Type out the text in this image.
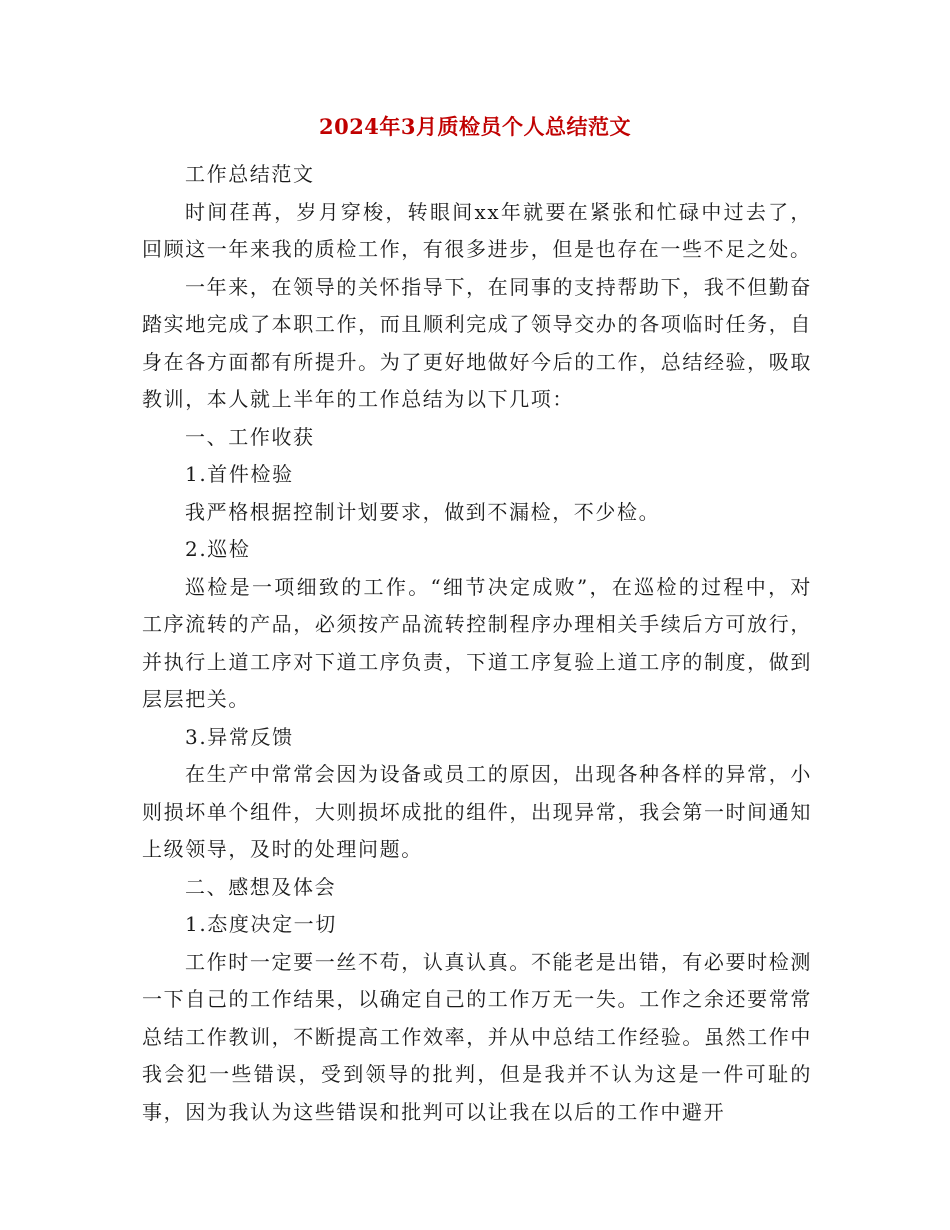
2024年3月质检员个人总结范文

工作总结范文

时间荏苒，岁月穿梭，转眼间xx年就要在紧张和忙碌中过去了，回顾这一年来我的质检工作，有很多进步，但是也存在一些不足之处。

一年来，在领导的关怀指导下，在同事的支持帮助下，我不但勤奋踏实地完成了本职工作，而且顺利完成了领导交办的各项临时任务，自身在各方面都有所提升。为了更好地做好今后的工作，总结经验，吸取教训，本人就上半年的工作总结为以下几项：

一、工作收获

1.首件检验

我严格根据控制计划要求，做到不漏检，不少检。

2.巡检

巡检是一项细致的工作。“细节决定成败”，在巡检的过程中，对工序流转的产品，必须按产品流转控制程序办理相关手续后方可放行，并执行上道工序对下道工序负责，下道工序复验上道工序的制度，做到层层把关。

3.异常反馈

在生产中常常会因为设备或员工的原因，出现各种各样的异常，小则损坏单个组件，大则损坏成批的组件，出现异常，我会第一时间通知上级领导，及时的处理问题。

二、感想及体会

1.态度决定一切

工作时一定要一丝不苟，认真认真。不能老是出错，有必要时检测一下自己的工作结果，以确定自己的工作万无一失。工作之余还要常常总结工作教训，不断提高工作效率，并从中总结工作经验。虽然工作中我会犯一些错误，受到领导的批判，但是我并不认为这是一件可耻的事，因为我认为这些错误和批判可以让我在以后的工作中避开
